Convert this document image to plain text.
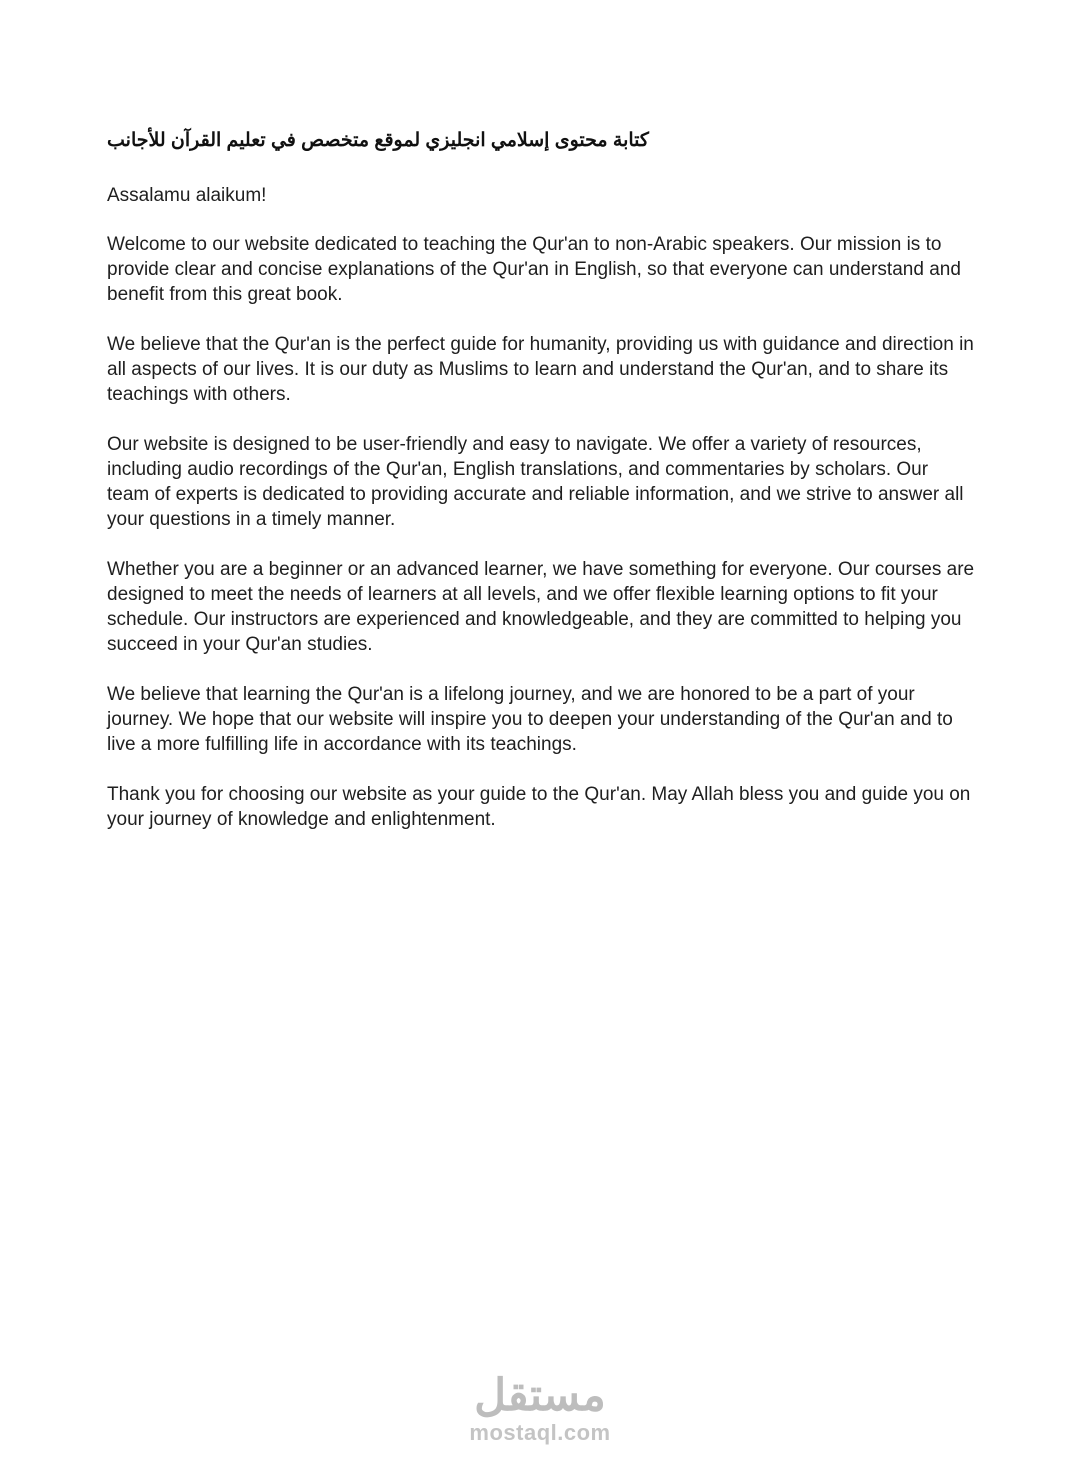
كتابة محتوى إسلامي انجليزي لموقع متخصص في تعليم القرآن للأجانب

Assalamu alaikum!

Welcome to our website dedicated to teaching the Qur'an to non-Arabic speakers. Our mission is to provide clear and concise explanations of the Qur'an in English, so that everyone can understand and benefit from this great book.

We believe that the Qur'an is the perfect guide for humanity, providing us with guidance and direction in all aspects of our lives. It is our duty as Muslims to learn and understand the Qur'an, and to share its teachings with others.

Our website is designed to be user-friendly and easy to navigate. We offer a variety of resources, including audio recordings of the Qur'an, English translations, and commentaries by scholars. Our team of experts is dedicated to providing accurate and reliable information, and we strive to answer all your questions in a timely manner.

Whether you are a beginner or an advanced learner, we have something for everyone. Our courses are designed to meet the needs of learners at all levels, and we offer flexible learning options to fit your schedule. Our instructors are experienced and knowledgeable, and they are committed to helping you succeed in your Qur'an studies.

We believe that learning the Qur'an is a lifelong journey, and we are honored to be a part of your journey. We hope that our website will inspire you to deepen your understanding of the Qur'an and to live a more fulfilling life in accordance with its teachings.

Thank you for choosing our website as your guide to the Qur'an. May Allah bless you and guide you on your journey of knowledge and enlightenment.

مستقل
mostaql.com
